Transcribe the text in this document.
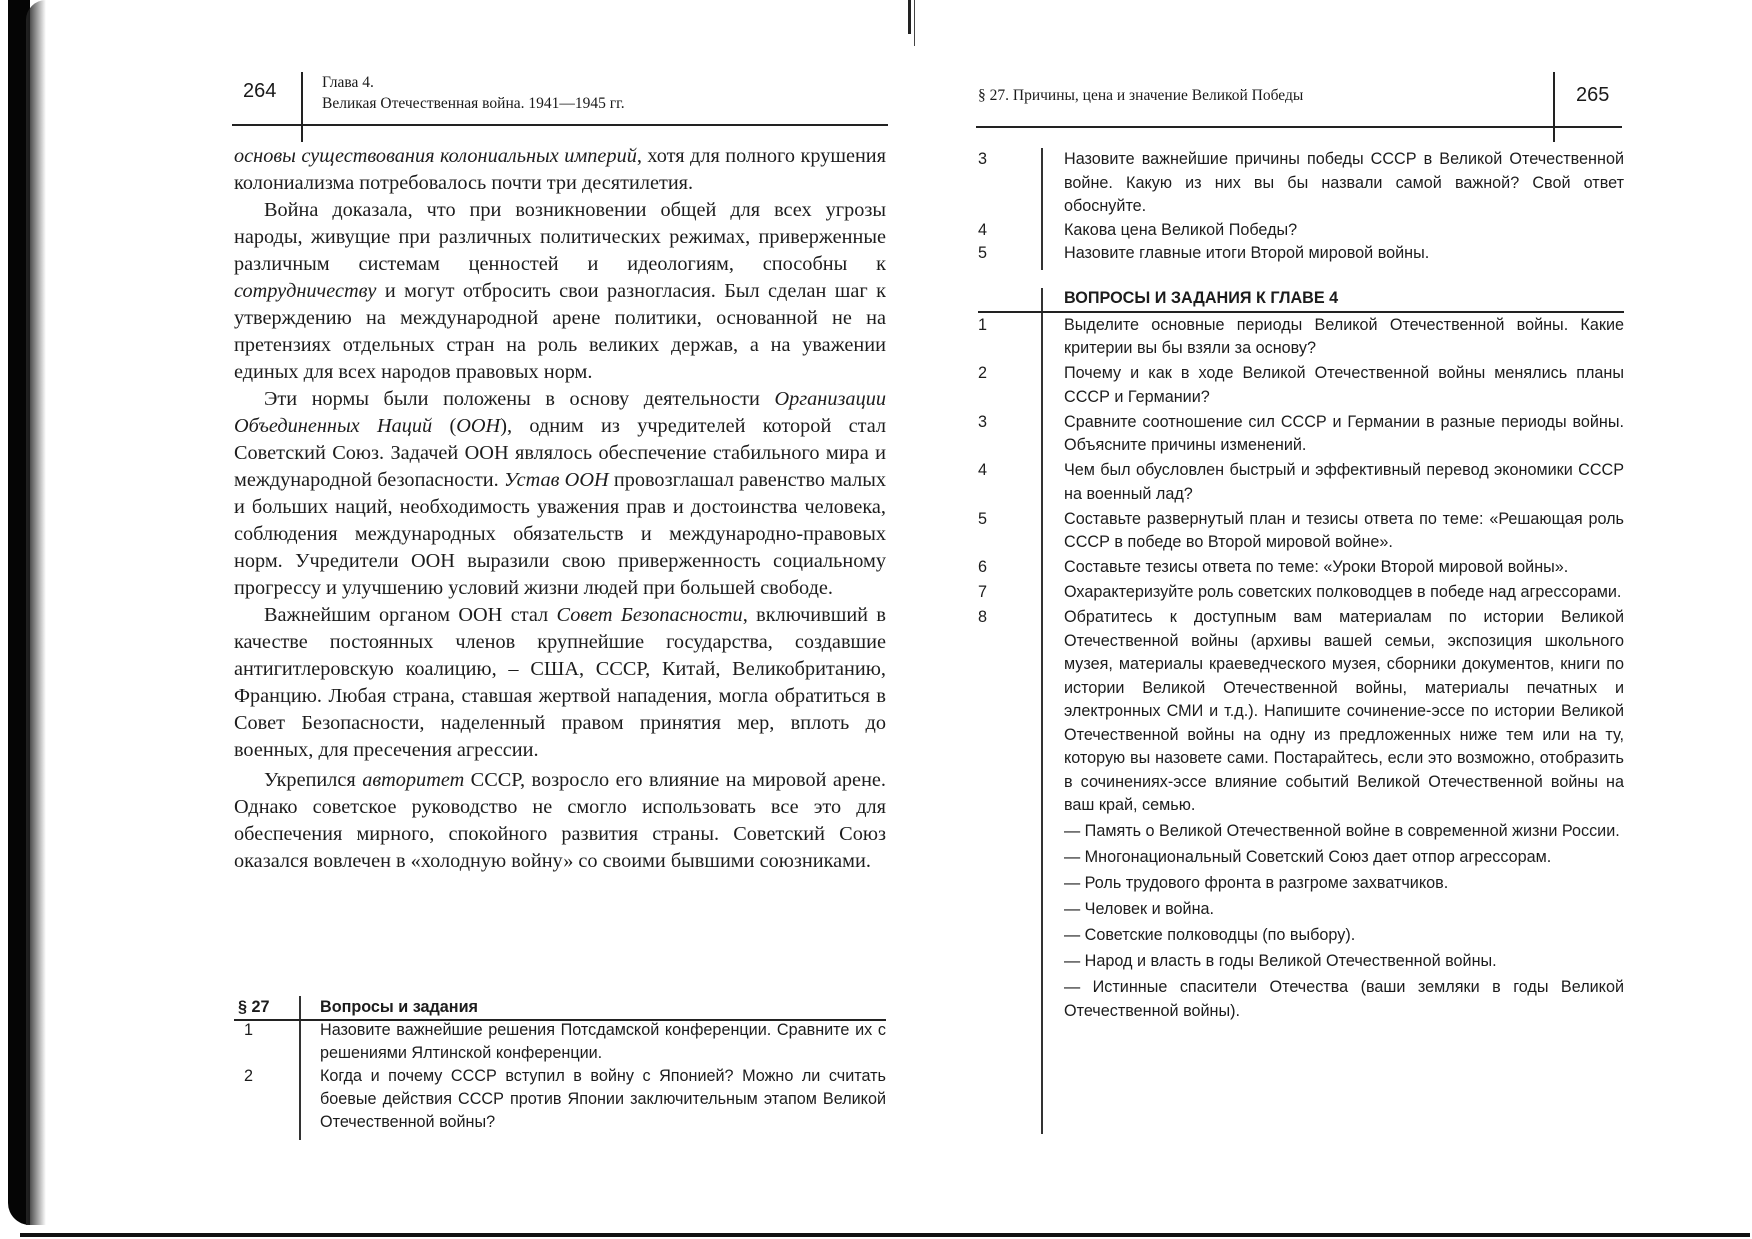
264	Глава 4.
Великая Отечественная война. 1941—1945 гг.

основы существования колониальных империй, хотя для полного крушения колониализма потребовалось почти три десятилетия.

Война доказала, что при возникновении общей для всех угрозы народы, живущие при различных политических режимах, приверженные различным системам ценностей и идеологиям, способны к сотрудничеству и могут отбросить свои разногласия. Был сделан шаг к утверждению на международной арене политики, основанной не на претензиях отдельных стран на роль великих держав, а на уважении единых для всех народов правовых норм.

Эти нормы были положены в основу деятельности Организации Объединенных Наций (ООН), одним из учредителей которой стал Советский Союз. Задачей ООН являлось обеспечение стабильного мира и международной безопасности. Устав ООН провозглашал равенство малых и больших наций, необходимость уважения прав и достоинства человека, соблюдения международных обязательств и международно-правовых норм. Учредители ООН выразили свою приверженность социальному прогрессу и улучшению условий жизни людей при большей свободе.

Важнейшим органом ООН стал Совет Безопасности, включивший в качестве постоянных членов крупнейшие государства, создавшие антигитлеровскую коалицию, – США, СССР, Китай, Великобританию, Францию. Любая страна, ставшая жертвой нападения, могла обратиться в Совет Безопасности, наделенный правом принятия мер, вплоть до военных, для пресечения агрессии.

Укрепился авторитет СССР, возросло его влияние на мировой арене. Однако советское руководство не смогло использовать все это для обеспечения мирного, спокойного развития страны. Советский Союз оказался вовлечен в «холодную войну» со своими бывшими союзниками.

§ 27	Вопросы и задания
1	Назовите важнейшие решения Потсдамской конференции. Сравните их с решениями Ялтинской конференции.
2	Когда и почему СССР вступил в войну с Японией? Можно ли считать боевые действия СССР против Японии заключительным этапом Великой Отечественной войны?
§ 27. Причины, цена и значение Великой Победы	265
3	Назовите важнейшие причины победы СССР в Великой Отечественной войне. Какую из них вы бы назвали самой важной? Свой ответ обоснуйте.
4	Какова цена Великой Победы?
5	Назовите главные итоги Второй мировой войны.
ВОПРОСЫ И ЗАДАНИЯ К ГЛАВЕ 4
1	Выделите основные периоды Великой Отечественной войны. Какие критерии вы бы взяли за основу?
2	Почему и как в ходе Великой Отечественной войны менялись планы СССР и Германии?
3	Сравните соотношение сил СССР и Германии в разные периоды войны. Объясните причины изменений.
4	Чем был обусловлен быстрый и эффективный перевод экономики СССР на военный лад?
5	Составьте развернутый план и тезисы ответа по теме: «Решающая роль СССР в победе во Второй мировой войне».
6	Составьте тезисы ответа по теме: «Уроки Второй мировой войны».
7	Охарактеризуйте роль советских полководцев в победе над агрессорами.
8	Обратитесь к доступным вам материалам по истории Великой Отечественной войны (архивы вашей семьи, экспозиция школьного музея, материалы краеведческого музея, сборники документов, книги по истории Великой Отечественной войны, материалы печатных и электронных СМИ и т.д.). Напишите сочинение-эссе по истории Великой Отечественной войны на одну из предложенных ниже тем или на ту, которую вы назовете сами. Постарайтесь, если это возможно, отобразить в сочинениях-эссе влияние событий Великой Отечественной войны на ваш край, семью.
— Память о Великой Отечественной войне в современной жизни России.
— Многонациональный Советский Союз дает отпор агрессорам.
— Роль трудового фронта в разгроме захватчиков.
— Человек и война.
— Советские полководцы (по выбору).
— Народ и власть в годы Великой Отечественной войны.
— Истинные спасители Отечества (ваши земляки в годы Великой Отечественной войны).
